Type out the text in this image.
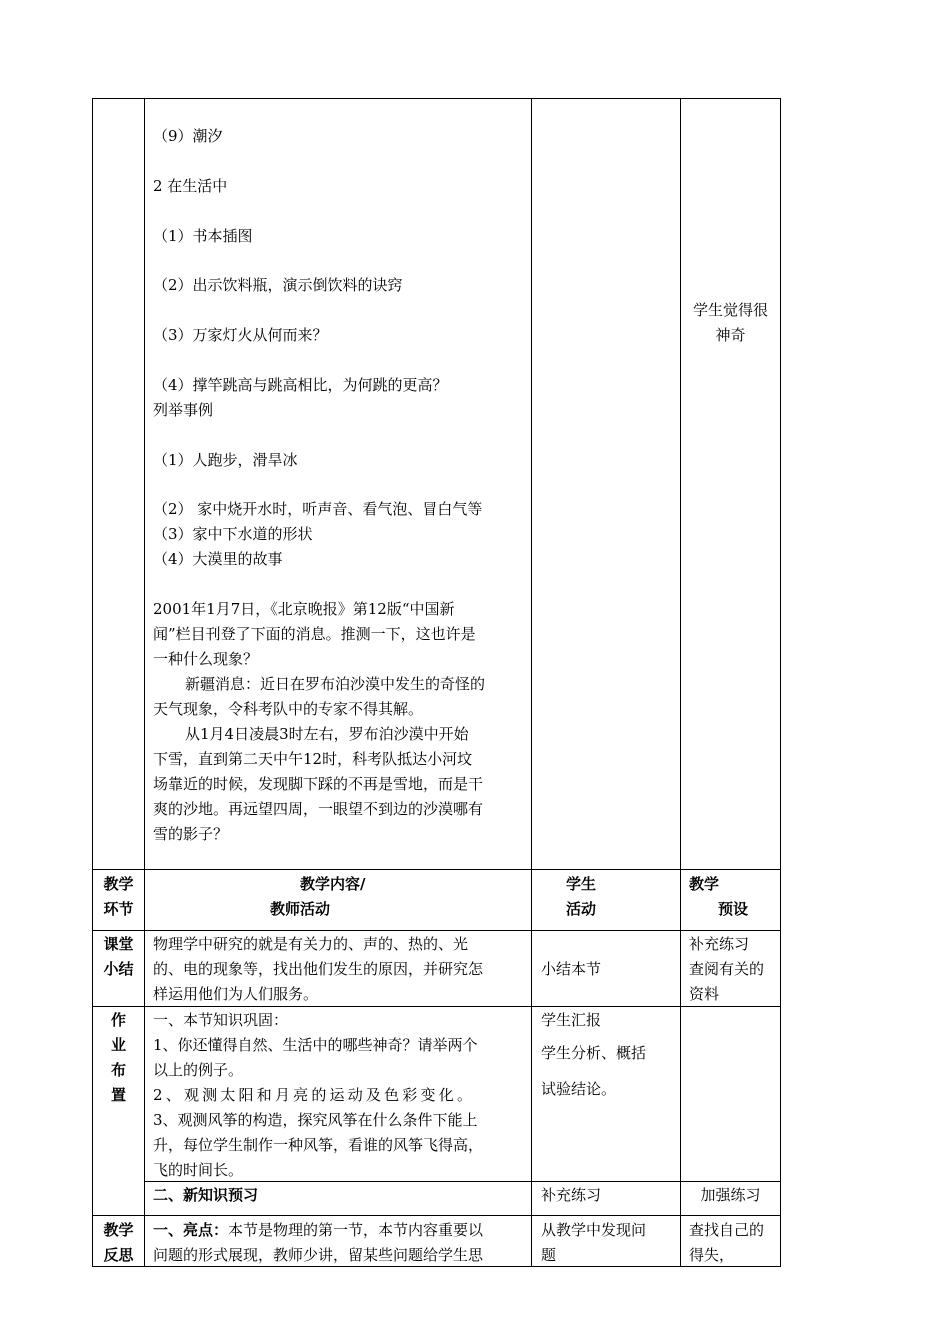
（9）潮汐
2 在生活中
（1）书本插图
（2）出示饮料瓶，演示倒饮料的诀窍
（3）万家灯火从何而来？
（4）撑竿跳高与跳高相比，为何跳的更高？
列举事例
（1）人跑步，滑旱冰
（2） 家中烧开水时，听声音、看气泡、冒白气等
（3）家中下水道的形状
（4）大漠里的故事
2001年1月7日，《北京晚报》第12版“中国新
闻”栏目刊登了下面的消息。推测一下，这也许是
一种什么现象？
新疆消息：近日在罗布泊沙漠中发生的奇怪的
天气现象，令科考队中的专家不得其解。
从1月4日凌晨3时左右，罗布泊沙漠中开始
下雪，直到第二天中午12时，科考队抵达小河坟
场靠近的时候，发现脚下踩的不再是雪地，而是干
爽的沙地。再远望四周，一眼望不到边的沙漠哪有
雪的影子？
学生觉得很
神奇
教学
环节
教学内容/
教师活动
学生
活动
教学
预设
课堂
小结
物理学中研究的就是有关力的、声的、热的、光
的、电的现象等，找出他们发生的原因，并研究怎
样运用他们为人们服务。
小结本节
补充练习
查阅有关的
资料
作
业
布
置
一、本节知识巩固：
1、你还懂得自然、生活中的哪些神奇？请举两个
以上的例子。
2、观测太阳和月亮的运动及色彩变化。
3、观测风筝的构造，探究风筝在什么条件下能上
升，每位学生制作一种风筝，看谁的风筝飞得高，
飞的时间长。
学生汇报
学生分析、概括
试验结论。
二、新知识预习	补充练习	加强练习
教学
反思
一、亮点：本节是物理的第一节，本节内容重要以
问题的形式展现，教师少讲，留某些问题给学生思
从教学中发现问
题
查找自己的
得失，
